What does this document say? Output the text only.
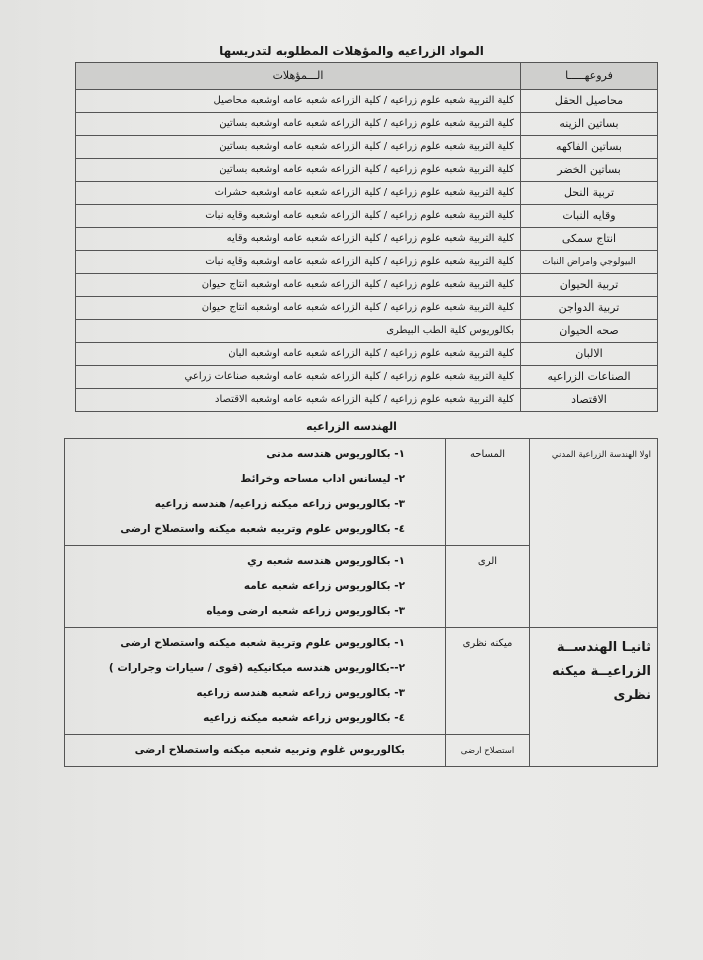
المواد الزراعيه والمؤهلات المطلوبه لتدريسها
فروعهـــــا	الـــمؤهلات
محاصيل الحقل	كلية التربية شعبه علوم زراعيه / كلية الزراعه شعبه عامه اوشعبه محاصيل
بساتين الزينه	كلية التربية شعبه علوم زراعيه / كلية الزراعه شعبه عامه اوشعبه بساتين
بساتين الفاكهه	كلية التربية شعبه علوم زراعيه / كلية الزراعه شعبه عامه اوشعبه بساتين
بساتين الخضر	كلية التربية شعبه علوم زراعيه / كلية الزراعه شعبه عامه اوشعبه بساتين
تربية النحل	كلية التربية شعبه علوم زراعيه / كلية الزراعه شعبه عامه اوشعبه حشرات
وقايه النبات	كلية التربية شعبه علوم زراعيه / كلية الزراعه شعبه عامه اوشعبه وقايه نبات
انتاج سمكى	كلية التربية شعبه علوم زراعيه / كلية الزراعه شعبه عامه اوشعبه وقايه
البيولوجي وامراض النبات	كلية التربية شعبه علوم زراعيه / كلية الزراعه شعبه عامه اوشعبه وقايه نبات
تربية الحيوان	كلية التربية شعبه علوم زراعيه / كلية الزراعه شعبه عامه اوشعبه انتاج حيوان
تربية الدواجن	كلية التربية شعبه علوم زراعيه / كلية الزراعه شعبه عامه اوشعبه انتاج حيوان
صحه الحيوان	بكالوريوس كلية الطب البيطرى
الالبان	كلية التربية شعبه علوم زراعيه / كلية الزراعه شعبه عامه اوشعبه البان
الصناعات الزراعيه	كلية التربية شعبه علوم زراعيه / كلية الزراعه شعبه عامه اوشعبه صناعات زراعي
الاقتصاد	كلية التربية شعبه علوم زراعيه / كلية الزراعه شعبه عامه اوشعبه الاقتصاد
الهندسه الزراعيه
اولا الهندسة الزراعية المدني	المساحه	١- بكالوريوس هندسه مدنى
٢- ليسانس اداب مساحه وخرائط
٣- بكالوريوس زراعه ميكنه زراعيه/ هندسه زراعيه
٤- بكالوريوس علوم وتربيه شعبه ميكنه واستصلاح ارضى

	الرى	١- بكالوريوس هندسه شعبه ري
٢- بكالوريوس زراعه شعبه عامه
٣- بكالوريوس زراعه شعبه ارضى ومياه

ثانيـا الهندســة الزراعيــة ميكنه نظرى	ميكنه نظرى	١- بكالوريوس علوم وتربية شعبه ميكنه واستصلاح ارضى
٢--بكالوريوس هندسه ميكانيكيه (قوى / سيارات وجرارات )
٣- بكالوريوس زراعه شعبه هندسه زراعيه
٤- بكالوريوس زراعه شعبه ميكنه زراعيه

	استصلاح ارضى	بكالوريوس غلوم وتربيه شعبه ميكنه واستصلاح ارضى
